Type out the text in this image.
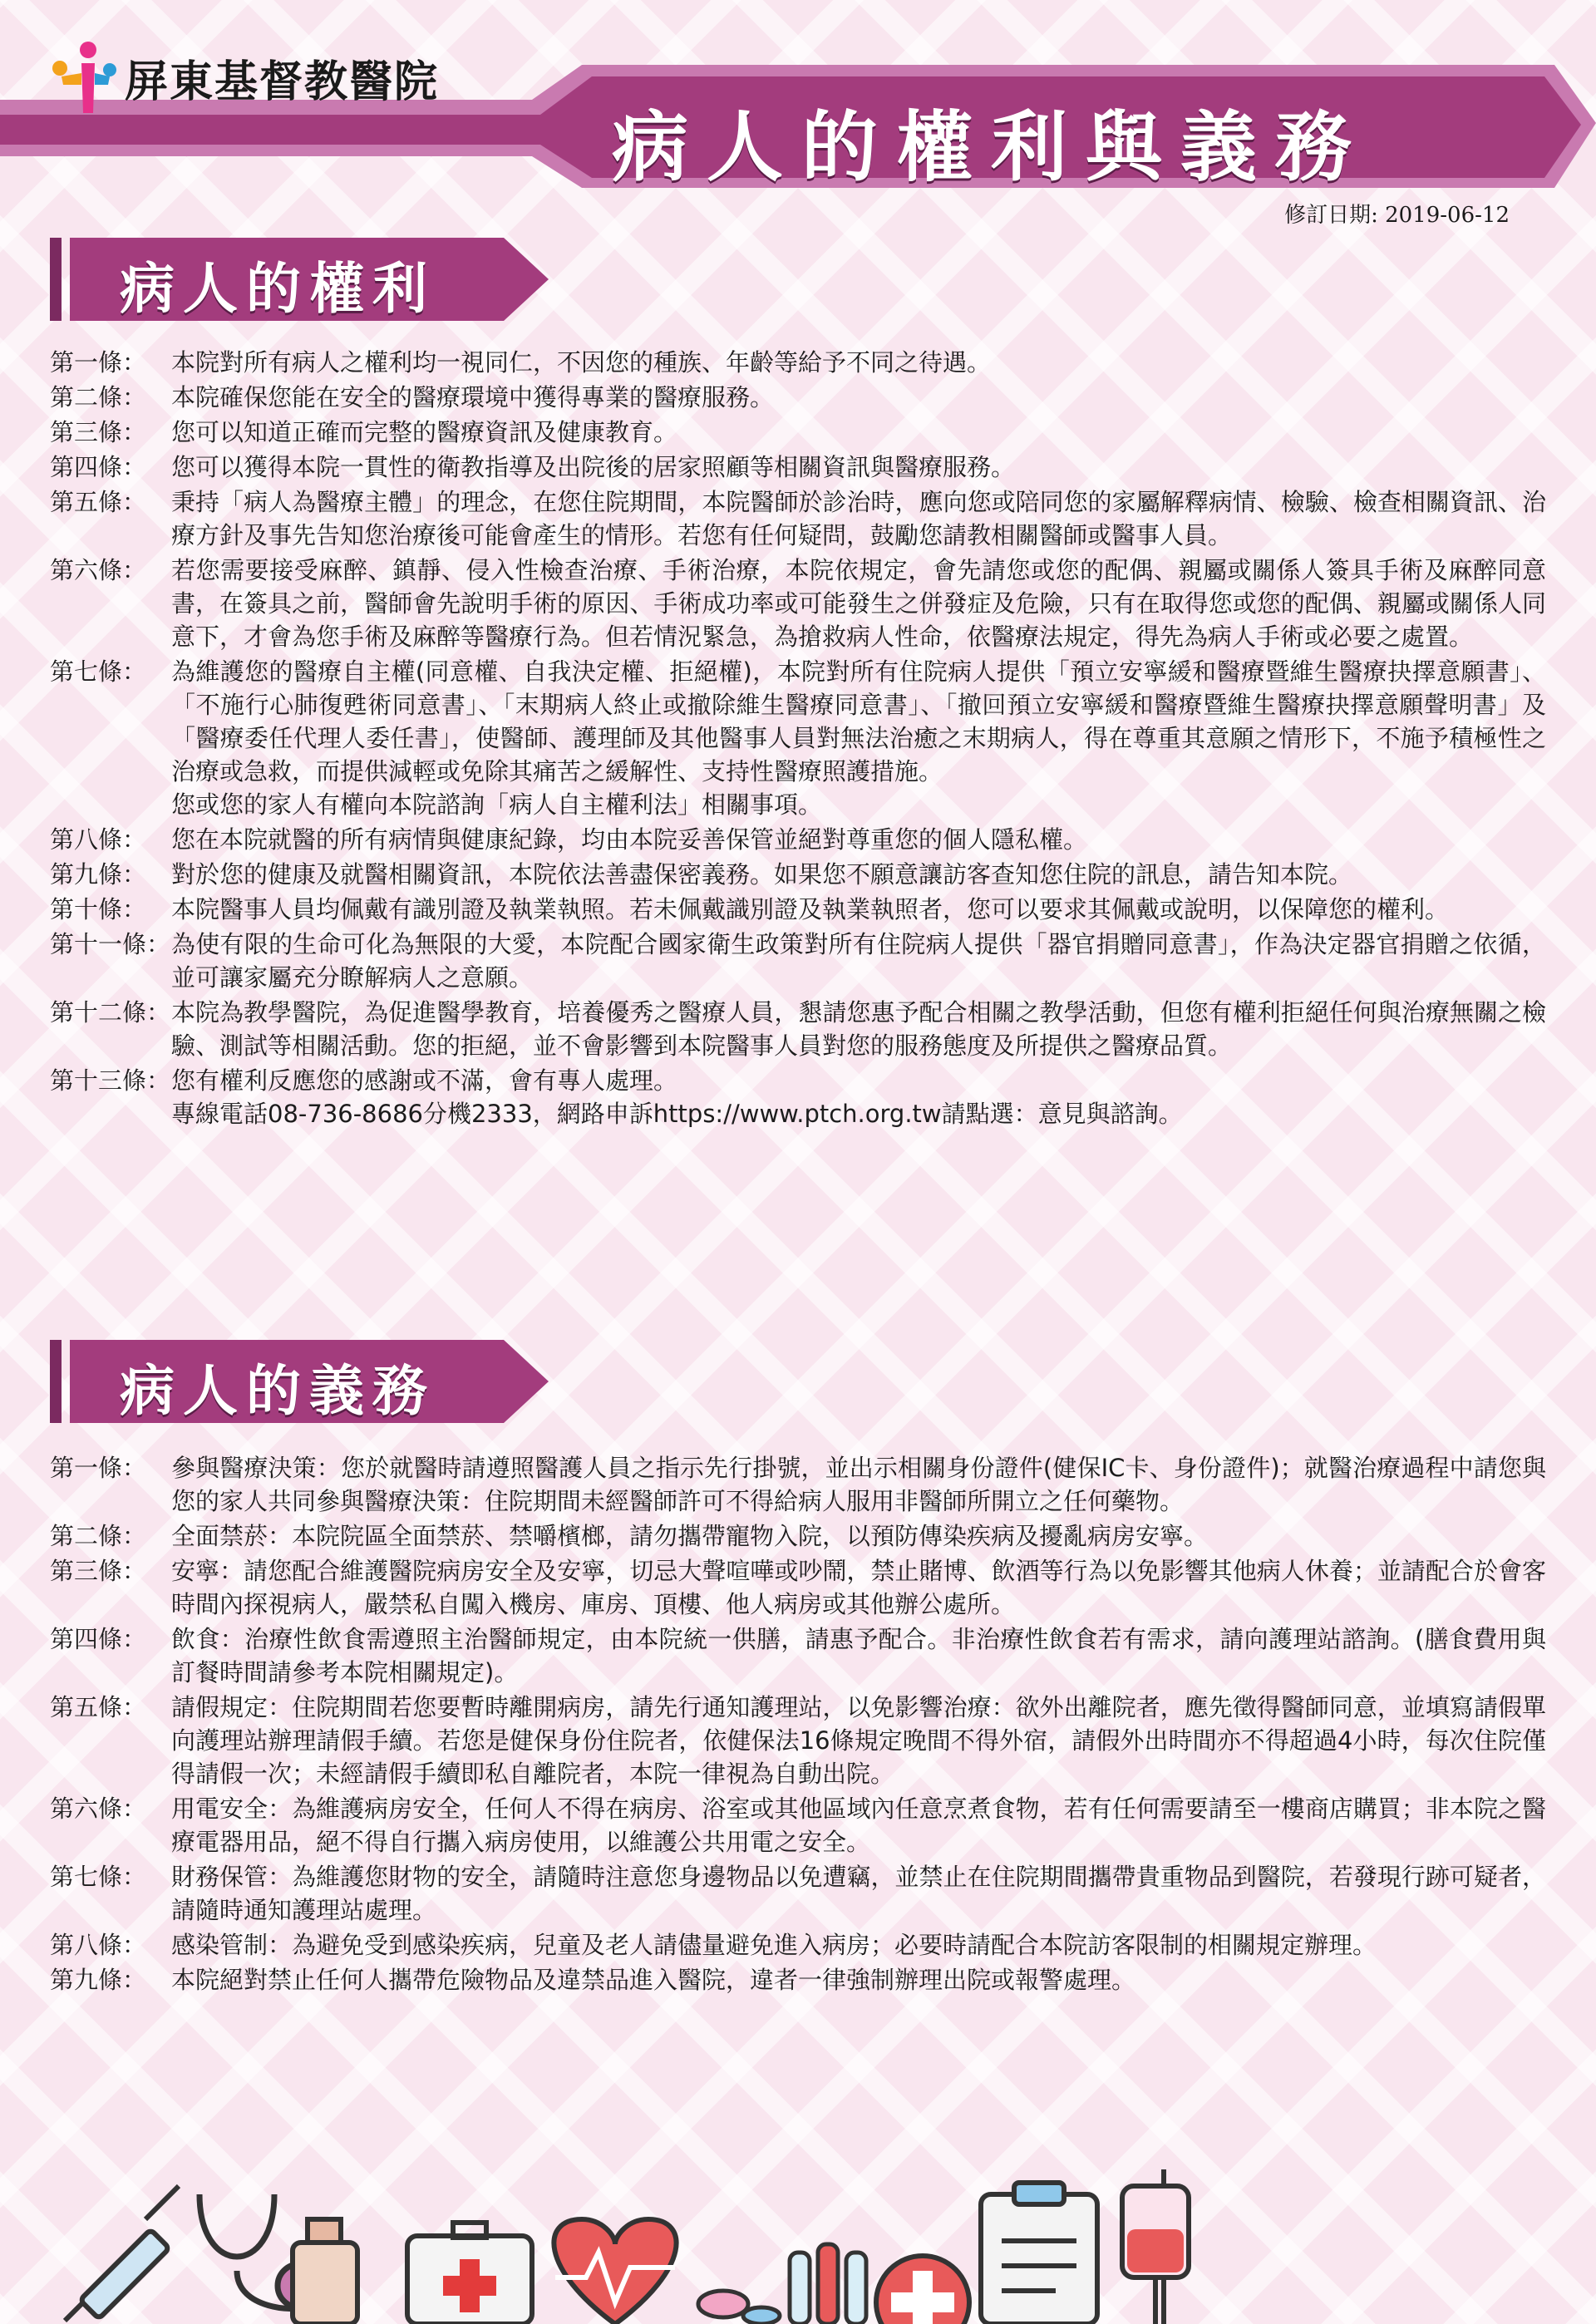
屏東基督教醫院
病人的權利與義務
修訂日期: 2019-06-12
病人的權利
第一條：	本院對所有病人之權利均一視同仁，不因您的種族、年齡等給予不同之待遇。
第二條：	本院確保您能在安全的醫療環境中獲得專業的醫療服務。
第三條：	您可以知道正確而完整的醫療資訊及健康教育。
第四條：	您可以獲得本院一貫性的衛教指導及出院後的居家照顧等相關資訊與醫療服務。
第五條：	秉持「病人為醫療主體」的理念，在您住院期間，本院醫師於診治時，應向您或陪同您的家屬解釋病情、檢驗、檢查相關資訊、治療方針及事先告知您治療後可能會產生的情形。若您有任何疑問，鼓勵您請教相關醫師或醫事人員。
第六條：	若您需要接受麻醉、鎮靜、侵入性檢查治療、手術治療，本院依規定，會先請您或您的配偶、親屬或關係人簽具手術及麻醉同意書，在簽具之前，醫師會先說明手術的原因、手術成功率或可能發生之併發症及危險，只有在取得您或您的配偶、親屬或關係人同意下，才會為您手術及麻醉等醫療行為。但若情況緊急，為搶救病人性命，依醫療法規定，得先為病人手術或必要之處置。
第七條：	為維護您的醫療自主權(同意權、自我決定權、拒絕權)，本院對所有住院病人提供「預立安寧緩和醫療暨維生醫療抉擇意願書」、「不施行心肺復甦術同意書」、「末期病人終止或撤除維生醫療同意書」、「撤回預立安寧緩和醫療暨維生醫療抉擇意願聲明書」及「醫療委任代理人委任書」，使醫師、護理師及其他醫事人員對無法治癒之末期病人，得在尊重其意願之情形下，不施予積極性之治療或急救，而提供減輕或免除其痛苦之緩解性、支持性醫療照護措施。
您或您的家人有權向本院諮詢「病人自主權利法」相關事項。
第八條：	您在本院就醫的所有病情與健康紀錄，均由本院妥善保管並絕對尊重您的個人隱私權。
第九條：	對於您的健康及就醫相關資訊，本院依法善盡保密義務。如果您不願意讓訪客查知您住院的訊息，請告知本院。
第十條：	本院醫事人員均佩戴有識別證及執業執照。若未佩戴識別證及執業執照者，您可以要求其佩戴或說明，以保障您的權利。
第十一條： 為使有限的生命可化為無限的大愛，本院配合國家衛生政策對所有住院病人提供「器官捐贈同意書」，作為決定器官捐贈之依循，並可讓家屬充分瞭解病人之意願。
第十二條： 本院為教學醫院，為促進醫學教育，培養優秀之醫療人員，懇請您惠予配合相關之教學活動，但您有權利拒絕任何與治療無關之檢驗、測試等相關活動。您的拒絕，並不會影響到本院醫事人員對您的服務態度及所提供之醫療品質。
第十三條： 您有權利反應您的感謝或不滿，會有專人處理。
專線電話08-736-8686分機2333，網路申訴https://www.ptch.org.tw請點選：意見與諮詢。
病人的義務
第一條：	參與醫療決策：您於就醫時請遵照醫護人員之指示先行掛號，並出示相關身份證件(健保IC卡、身份證件)；就醫治療過程中請您與您的家人共同參與醫療決策：住院期間未經醫師許可不得給病人服用非醫師所開立之任何藥物。
第二條：	全面禁菸：本院院區全面禁菸、禁嚼檳榔，請勿攜帶寵物入院，以預防傳染疾病及擾亂病房安寧。
第三條：	安寧：請您配合維護醫院病房安全及安寧，切忌大聲喧嘩或吵鬧，禁止賭博、飲酒等行為以免影響其他病人休養；並請配合於會客時間內探視病人，嚴禁私自闖入機房、庫房、頂樓、他人病房或其他辦公處所。
第四條：	飲食：治療性飲食需遵照主治醫師規定，由本院統一供膳，請惠予配合。非治療性飲食若有需求，請向護理站諮詢。(膳食費用與訂餐時間請參考本院相關規定)。
第五條：	請假規定：住院期間若您要暫時離開病房，請先行通知護理站，以免影響治療：欲外出離院者，應先徵得醫師同意，並填寫請假單向護理站辦理請假手續。若您是健保身份住院者，依健保法16條規定晚間不得外宿，請假外出時間亦不得超過4小時，每次住院僅得請假一次；未經請假手續即私自離院者，本院一律視為自動出院。
第六條：	用電安全：為維護病房安全，任何人不得在病房、浴室或其他區域內任意烹煮食物，若有任何需要請至一樓商店購買；非本院之醫療電器用品，絕不得自行攜入病房使用，以維護公共用電之安全。
第七條：	財務保管：為維護您財物的安全，請隨時注意您身邊物品以免遭竊，並禁止在住院期間攜帶貴重物品到醫院，若發現行跡可疑者，請隨時通知護理站處理。
第八條：	感染管制：為避免受到感染疾病，兒童及老人請儘量避免進入病房；必要時請配合本院訪客限制的相關規定辦理。
第九條：	本院絕對禁止任何人攜帶危險物品及違禁品進入醫院，違者一律強制辦理出院或報警處理。
